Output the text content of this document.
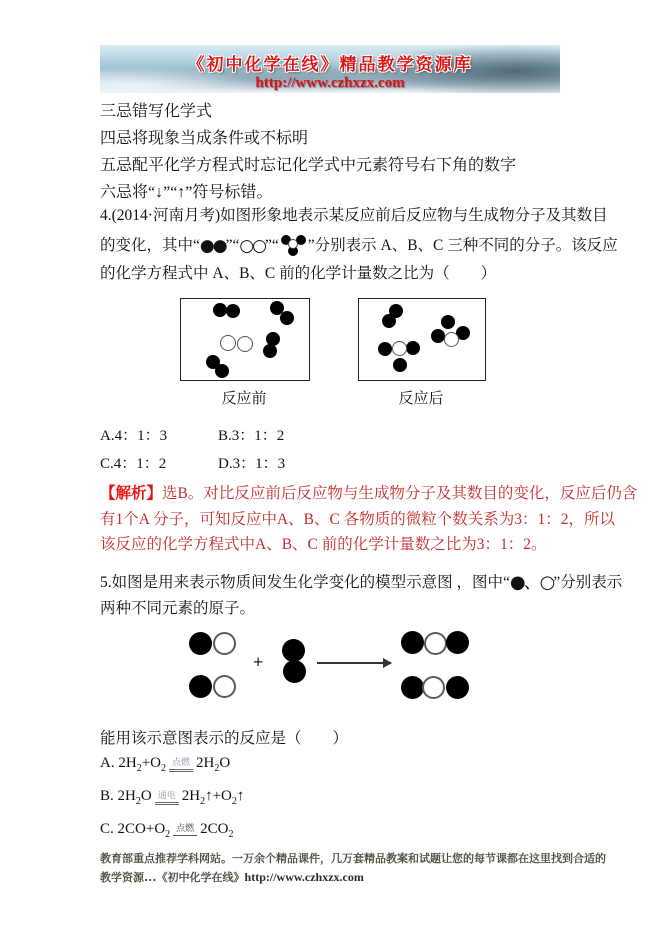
《初中化学在线》精品教学资源库
http://www.czhxzx.com
三忌错写化学式
四忌将现象当成条件或不标明
五忌配平化学方程式时忘记化学式中元素符号右下角的数字
六忌将“↓”“↑”符号标错。
4.(2014·河南月考)如图形象地表示某反应前后反应物与生成物分子及其数目
的变化，其中“●●”“○○”“ ”分别表示 A、B、C 三种不同的分子。该反应
的化学方程式中 A、B、C 前的化学计量数之比为（　　）
反应前	反应后
A.4：1：3	B.3：1：2
C.4：1：2	D.3：1：3
【解析】选B。对比反应前后反应物与生成物分子及其数目的变化，反应后仍含
有1个A 分子，可知反应中A、B、C 各物质的微粒个数关系为3：1：2，所以
该反应的化学方程式中A、B、C 前的化学计量数之比为3：1：2。
5.如图是用来表示物质间发生化学变化的模型示意图 ，图中“●、○”分别表示
两种不同元素的原子。
+
能用该示意图表示的反应是（　　）
A. $2H_2+O_2$ 点燃 $2H_2O$
B. $2H_2O$ 通电 $2H_2↑+O_2↑$
C. $2CO+O_2$ 点燃 $2CO_2$
教育部重点推荐学科网站。一万余个精品课件，几万套精品教案和试题让您的每节课都在这里找到合适的
教学资源...《初中化学在线》http://www.czhxzx.com
